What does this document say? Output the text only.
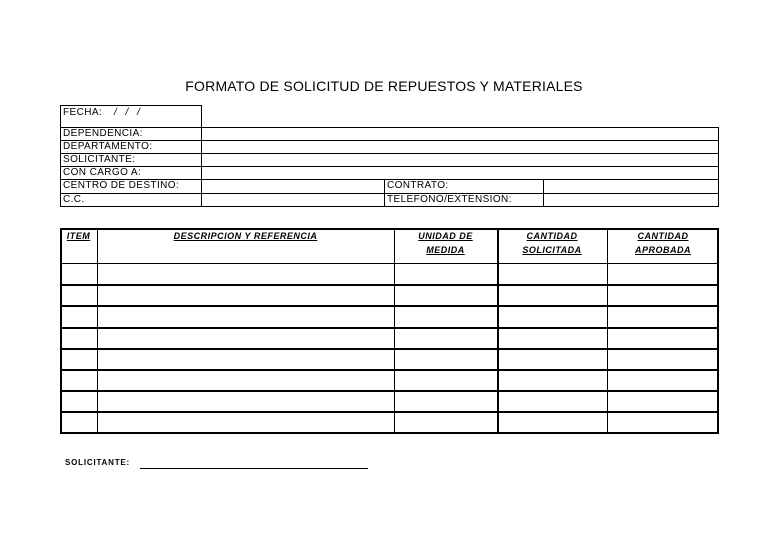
FORMATO DE SOLICITUD DE REPUESTOS Y MATERIALES
FECHA: / / /
DEPENDENCIA:
DEPARTAMENTO:
SOLICITANTE:
CON CARGO A:
CENTRO DE DESTINO:
C.C.
CONTRATO:
TELEFONO/EXTENSION:
ITEM	DESCRIPCION Y REFERENCIA	UNIDAD DE
MEDIDA
CANTIDAD
SOLICITADA
CANTIDAD
APROBADA
SOLICITANTE:
